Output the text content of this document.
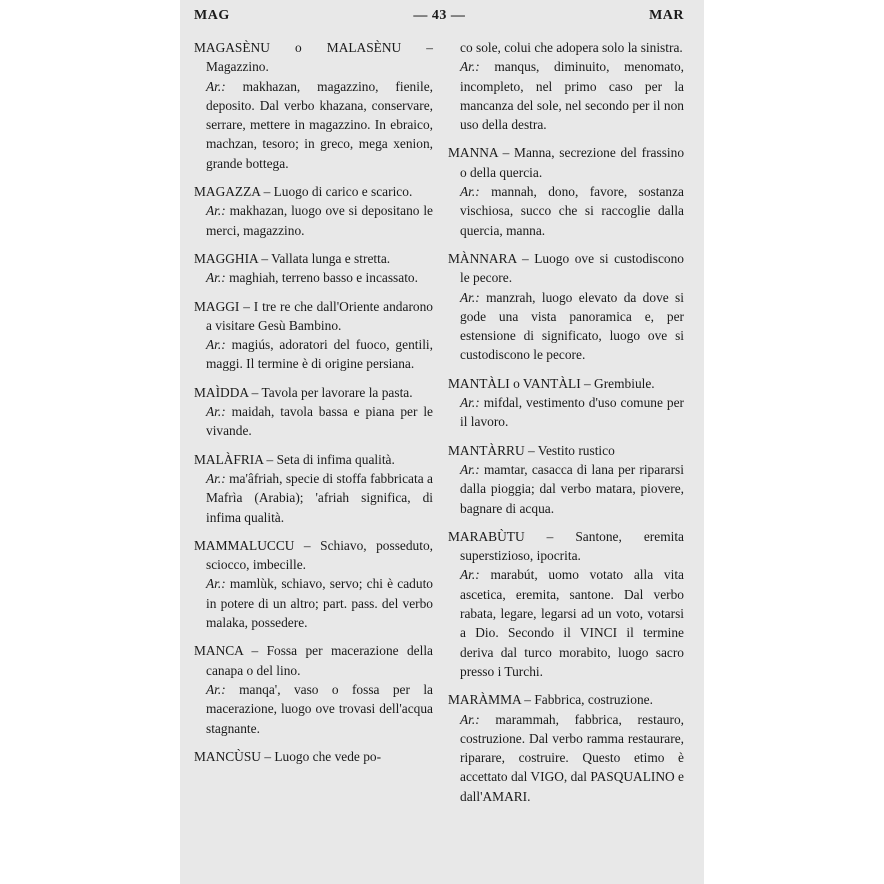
MAG	— 43 —	MAR
MAGASÈNU o MALASÈNU – Magazzino.
Ar.: makhazan, magazzino, fienile, deposito. Dal verbo khazana, conservare, serrare, mettere in magazzino. In ebraico, machzan, tesoro; in greco, mega xenion, grande bottega.
MAGAZZA – Luogo di carico e scarico.
Ar.: makhazan, luogo ove si depositano le merci, magazzino.
MAGGHIA – Vallata lunga e stretta.
Ar.: maghiah, terreno basso e incassato.
MAGGI – I tre re che dall'Oriente andarono a visitare Gesù Bambino.
Ar.: magiús, adoratori del fuoco, gentili, maggi. Il termine è di origine persiana.
MAÌDDA – Tavola per lavorare la pasta.
Ar.: maidah, tavola bassa e piana per le vivande.
MALÀFRIA – Seta di infima qualità.
Ar.: ma'âfriah, specie di stoffa fabbricata a Mafrìa (Arabia); 'afriah significa, di infima qualità.
MAMMALUCCU – Schiavo, posseduto, sciocco, imbecille.
Ar.: mamlùk, schiavo, servo; chi è caduto in potere di un altro; part. pass. del verbo malaka, possedere.
MANCA – Fossa per macerazione della canapa o del lino.
Ar.: manqa', vaso o fossa per la macerazione, luogo ove trovasi dell'acqua stagnante.
MANCÙSU – Luogo che vede po-
co sole, colui che adopera solo la sinistra.
Ar.: manqus, diminuito, menomato, incompleto, nel primo caso per la mancanza del sole, nel secondo per il non uso della destra.
MANNA – Manna, secrezione del frassino o della quercia.
Ar.: mannah, dono, favore, sostanza vischiosa, succo che si raccoglie dalla quercia, manna.
MÀNNARA – Luogo ove si custodiscono le pecore.
Ar.: manzrah, luogo elevato da dove si gode una vista panoramica e, per estensione di significato, luogo ove si custodiscono le pecore.
MANTÀLI o VANTÀLI – Grembiule.
Ar.: mifdal, vestimento d'uso comune per il lavoro.
MANTÀRRU – Vestito rustico
Ar.: mamtar, casacca di lana per ripararsi dalla pioggia; dal verbo matara, piovere, bagnare di acqua.
MARABÙTU – Santone, eremita superstizioso, ipocrita.
Ar.: marabút, uomo votato alla vita ascetica, eremita, santone. Dal verbo rabata, legare, legarsi ad un voto, votarsi a Dio. Secondo il VINCI il termine deriva dal turco morabito, luogo sacro presso i Turchi.
MARÀMMA – Fabbrica, costruzione.
Ar.: marammah, fabbrica, restauro, costruzione. Dal verbo ramma restaurare, riparare, costruire. Questo etimo è accettato dal VIGO, dal PASQUALINO e dall'AMARI.
